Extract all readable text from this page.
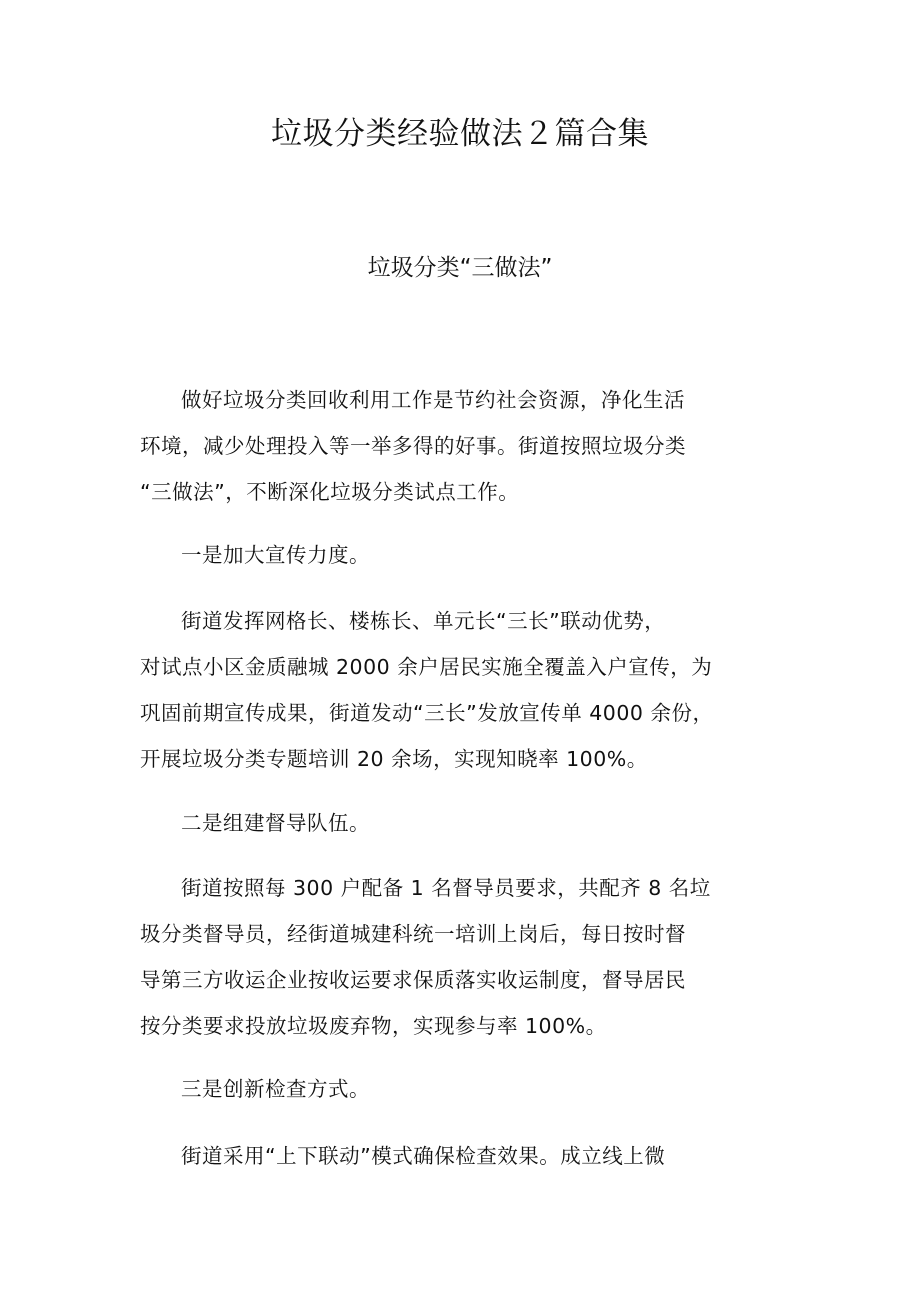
垃圾分类经验做法２篇合集
垃圾分类“三做法”

做好垃圾分类回收利用工作是节约社会资源，净化生活
环境，减少处理投入等一举多得的好事。街道按照垃圾分类
“三做法”，不断深化垃圾分类试点工作。

一是加大宣传力度。

街道发挥网格长、楼栋长、单元长“三长”联动优势，
对试点小区金质融城 2000 余户居民实施全覆盖入户宣传，为
巩固前期宣传成果，街道发动“三长”发放宣传单 4000 余份，
开展垃圾分类专题培训 20 余场，实现知晓率 100%。

二是组建督导队伍。

街道按照每 300 户配备 1 名督导员要求，共配齐 8 名垃
圾分类督导员，经街道城建科统一培训上岗后，每日按时督
导第三方收运企业按收运要求保质落实收运制度，督导居民
按分类要求投放垃圾废弃物，实现参与率 100%。

三是创新检查方式。

街道采用“上下联动”模式确保检查效果。成立线上微
